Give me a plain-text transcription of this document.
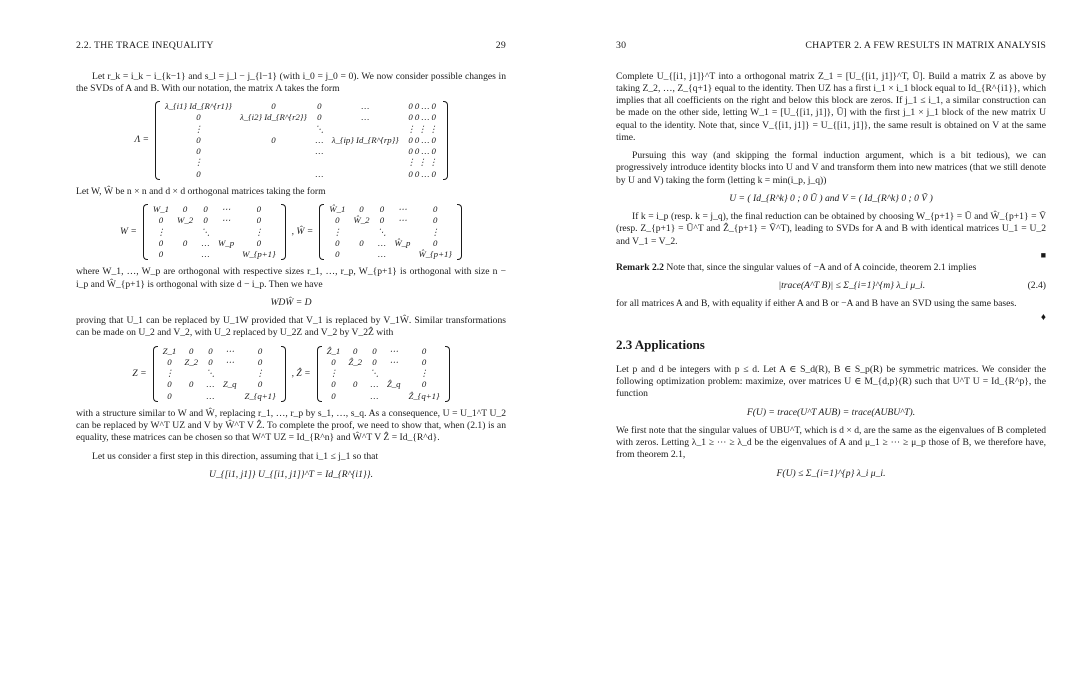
2.2. THE TRACE INEQUALITY	29

Let r_k = i_k − i_{k−1} and s_l = j_l − j_{l−1} (with i_0 = j_0 = 0). We now consider possible changes in the SVDs of A and B. With our notation, the matrix Λ takes the form

Λ =
λ_{i1} Id_{R^{r1}}	0	0	…	0 0 … 0
0	λ_{i2} Id_{R^{r2}}	0	…	0 0 … 0
⋮		⋱		⋮ ⋮ ⋮
0	0	…	λ_{ip} Id_{R^{rp}}	0 0 … 0
0		…		0 0 … 0
⋮				⋮ ⋮ ⋮
0		…		0 0 … 0

Let W, Ŵ be n × n and d × d orthogonal matrices taking the form

W =
W_1	0	0	⋯	0
0	W_2	0	⋯	0
⋮		⋱		⋮
0	0	…	W_p	0
0		…		W_{p+1}
, Ŵ =
Ŵ_1	0	0	⋯	0
0	Ŵ_2	0	⋯	0
⋮		⋱		⋮
0	0	…	Ŵ_p	0
0		…		Ŵ_{p+1}

where W_1, …, W_p are orthogonal with respective sizes r_1, …, r_p, W_{p+1} is orthogonal with size n − i_p and Ŵ_{p+1} is orthogonal with size d − i_p. Then we have

WDŴ = D

proving that U_1 can be replaced by U_1W provided that V_1 is replaced by V_1Ŵ. Similar transformations can be made on U_2 and V_2, with U_2 replaced by U_2Z and V_2 by V_2Ẑ with

Z =
Z_1	0	0	⋯	0
0	Z_2	0	⋯	0
⋮		⋱		⋮
0	0	…	Z_q	0
0		…		Z_{q+1}
, Ẑ =
Ẑ_1	0	0	⋯	0
0	Ẑ_2	0	⋯	0
⋮		⋱		⋮
0	0	…	Ẑ_q	0
0		…		Ẑ_{q+1}

with a structure similar to W and Ŵ, replacing r_1, …, r_p by s_1, …, s_q. As a consequence, U = U_1^T U_2 can be replaced by W^T UZ and V by Ŵ^T V Ẑ. To complete the proof, we need to show that, when (2.1) is an equality, these matrices can be chosen so that W^T UZ = Id_{R^n} and Ŵ^T V Ẑ = Id_{R^d}.

Let us consider a first step in this direction, assuming that i_1 ≤ j_1 so that

U_{[i1, j1]} U_{[i1, j1]}^T = Id_{R^{i1}}.
30	CHAPTER 2. A FEW RESULTS IN MATRIX ANALYSIS

Complete U_{[i1, j1]}^T into a orthogonal matrix Z_1 = [U_{[i1, j1]}^T, Ũ]. Build a matrix Z as above by taking Z_2, …, Z_{q+1} equal to the identity. Then UZ has a first i_1 × i_1 block equal to Id_{R^{i1}}, which implies that all coefficients on the right and below this block are zeros. If j_1 ≤ i_1, a similar construction can be made on the other side, letting W_1 = [U_{[i1, j1]}, Ũ] with the first j_1 × j_1 block of the new matrix U equal to the identity. Note that, since V_{[i1, j1]} = U_{[i1, j1]}, the same result is obtained on V at the same time.

Pursuing this way (and skipping the formal induction argument, which is a bit tedious), we can progressively introduce identity blocks into U and V and transform them into new matrices (that we still denote by U and V) taking the form (letting k = min(i_p, j_q))

U = ( Id_{R^k} 0 ; 0 Ũ ) and V = ( Id_{R^k} 0 ; 0 Ṽ )

If k = i_p (resp. k = j_q), the final reduction can be obtained by choosing W_{p+1} = Ũ and Ŵ_{p+1} = Ṽ (resp. Z_{p+1} = Ũ^T and Ẑ_{p+1} = Ṽ^T), leading to SVDs for A and B with identical matrices U_1 = U_2 and V_1 = V_2.

■

Remark 2.2 Note that, since the singular values of −A and of A coincide, theorem 2.1 implies

|trace(A^T B)| ≤ Σ_{i=1}^{m} λ_i μ_i.	(2.4)

for all matrices A and B, with equality if either A and B or −A and B have an SVD using the same bases.

♦
2.3 Applications

Let p and d be integers with p ≤ d. Let A ∈ S_d(R), B ∈ S_p(R) be symmetric matrices. We consider the following optimization problem: maximize, over matrices U ∈ M_{d,p}(R) such that U^T U = Id_{R^p}, the function

F(U) = trace(U^T AUB) = trace(AUBU^T).

We first note that the singular values of UBU^T, which is d × d, are the same as the eigenvalues of B completed with zeros. Letting λ_1 ≥ ⋯ ≥ λ_d be the eigenvalues of A and μ_1 ≥ ⋯ ≥ μ_p those of B, we therefore have, from theorem 2.1,

F(U) ≤ Σ_{i=1}^{p} λ_i μ_i.
